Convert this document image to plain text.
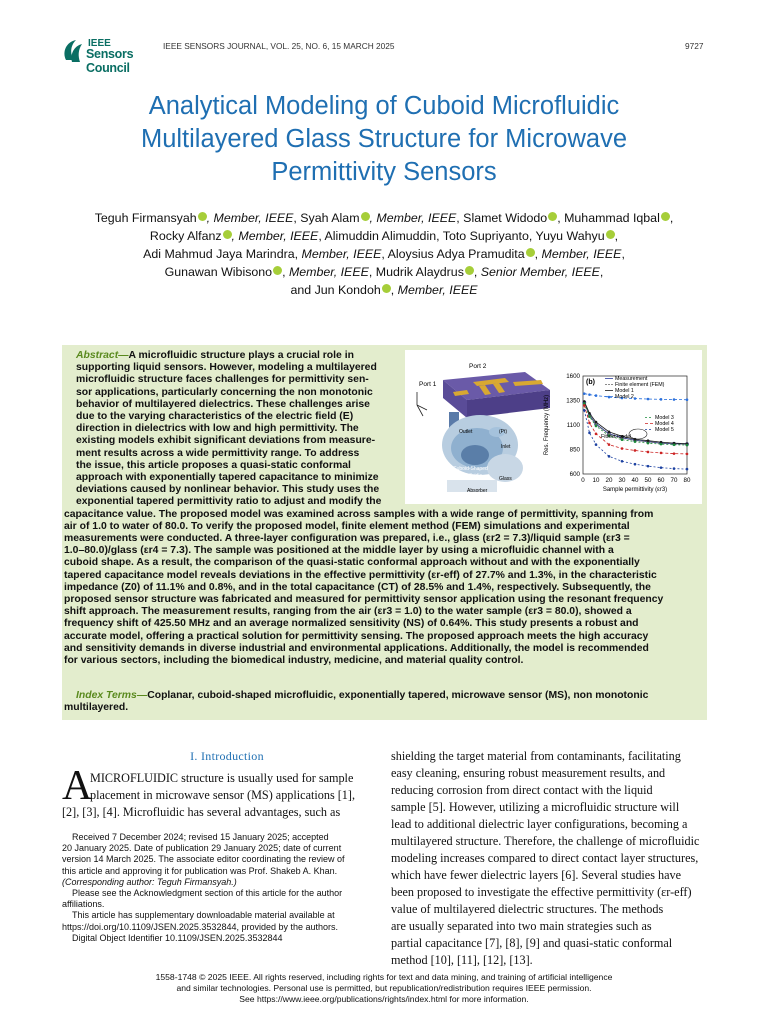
IEEE
Sensors Council
IEEE SENSORS JOURNAL, VOL. 25, NO. 6, 15 MARCH 2025	9727
Analytical Modeling of Cuboid Microfluidic
Multilayered Glass Structure for Microwave
Permittivity Sensors
Teguh Firmansyah , Member, IEEE, Syah Alam , Member, IEEE, Slamet Widodo , Muhammad Iqbal ,
Rocky Alfanz , Member, IEEE, Alimuddin Alimuddin, Toto Supriyanto, Yuyu Wahyu ,
Adi Mahmud Jaya Marindra, Member, IEEE, Aloysius Adya Pramudita , Member, IEEE,
Gunawan Wibisono , Member, IEEE, Mudrik Alaydrus , Senior Member, IEEE,
and Jun Kondoh , Member, IEEE
Abstract—A microfluidic structure plays a crucial role in
supporting liquid sensors. However, modeling a multilayered
microfluidic structure faces challenges for permittivity sen-
sor applications, particularly concerning the non monotonic
behavior of multilayered dielectrics. These challenges arise
due to the varying characteristics of the electric field (E)
direction in dielectrics with low and high permittivity. The
existing models exhibit significant deviations from measure-
ment results across a wide permittivity range. To address
the issue, this article proposes a quasi-static conformal
approach with exponentially tapered capacitance to minimize
deviations caused by nonlinear behavior. This study uses the
exponential tapered permittivity ratio to adjust and modify the
capacitance value. The proposed model was examined across samples with a wide range of permittivity, spanning from
air of 1.0 to water of 80.0. To verify the proposed model, finite element method (FEM) simulations and experimental
measurements were conducted. A three-layer configuration was prepared, i.e., glass (εr2 = 7.3)/liquid sample (εr3 =
1.0–80.0)/glass (εr4 = 7.3). The sample was positioned at the middle layer by using a microfluidic channel with a
cuboid shape. As a result, the comparison of the quasi-static conformal approach without and with the exponentially
tapered capacitance model reveals deviations in the effective permittivity (εr-eff) of 27.7% and 1.3%, in the characteristic
impedance (Z0) of 11.1% and 0.8%, and in the total capacitance (CT) of 28.5% and 1.4%, respectively. Subsequently, the
proposed sensor structure was fabricated and measured for permittivity sensor application using the resonant frequency
shift approach. The measurement results, ranging from the air (εr3 = 1.0) to the water sample (εr3 = 80.0), showed a
frequency shift of 425.50 MHz and an average normalized sensitivity (NS) of 0.64%. This study presents a robust and
accurate model, offering a practical solution for permittivity sensing. The proposed approach meets the high accuracy
and sensitivity demands in diverse industrial and environmental applications. Additionally, the model is recommended
for various sectors, including the biomedical industry, medicine, and material quality control.
Index Terms—Coplanar, cuboid-shaped microfluidic, exponentially tapered, microwave sensor (MS), non monotonic
multilayered.
Port 2
Port 1
Outlet	(Pt)
Cuboid-Shaped
Microfluidic
Absorber
Glass
Inlet
600
850
1100
1350
1600
0 10 20 30 40 50 60 70 80
Sample permittivity (εr3)
Res. Frequency (MHz)
(b)	Measurement
Finite element (FEM)
Model 1
Model 2
Model 3
Model 4
Model 5
Fittest model
I. Introduction
A
MICROFLUIDIC structure is usually used for sample
placement in microwave sensor (MS) applications [1],
[2], [3], [4]. Microfluidic has several advantages, such as
Received 7 December 2024; revised 15 January 2025; accepted
20 January 2025. Date of publication 29 January 2025; date of current
version 14 March 2025. The associate editor coordinating the review of
this article and approving it for publication was Prof. Shakeb A. Khan.
(Corresponding author: Teguh Firmansyah.)
Please see the Acknowledgment section of this article for the author
affiliations.
This article has supplementary downloadable material available at
https://doi.org/10.1109/JSEN.2025.3532844, provided by the authors.
Digital Object Identifier 10.1109/JSEN.2025.3532844
shielding the target material from contaminants, facilitating
easy cleaning, ensuring robust measurement results, and
reducing corrosion from direct contact with the liquid
sample [5]. However, utilizing a microfluidic structure will
lead to additional dielectric layer configurations, becoming a
multilayered structure. Therefore, the challenge of microfluidic
modeling increases compared to direct contact layer structures,
which have fewer dielectric layers [6]. Several studies have
been proposed to investigate the effective permittivity (εr-eff)
value of multilayered dielectric structures. The methods
are usually separated into two main strategies such as
partial capacitance [7], [8], [9] and quasi-static conformal
method [10], [11], [12], [13].
1558-1748 © 2025 IEEE. All rights reserved, including rights for text and data mining, and training of artificial intelligence
and similar technologies. Personal use is permitted, but republication/redistribution requires IEEE permission.
See https://www.ieee.org/publications/rights/index.html for more information.
